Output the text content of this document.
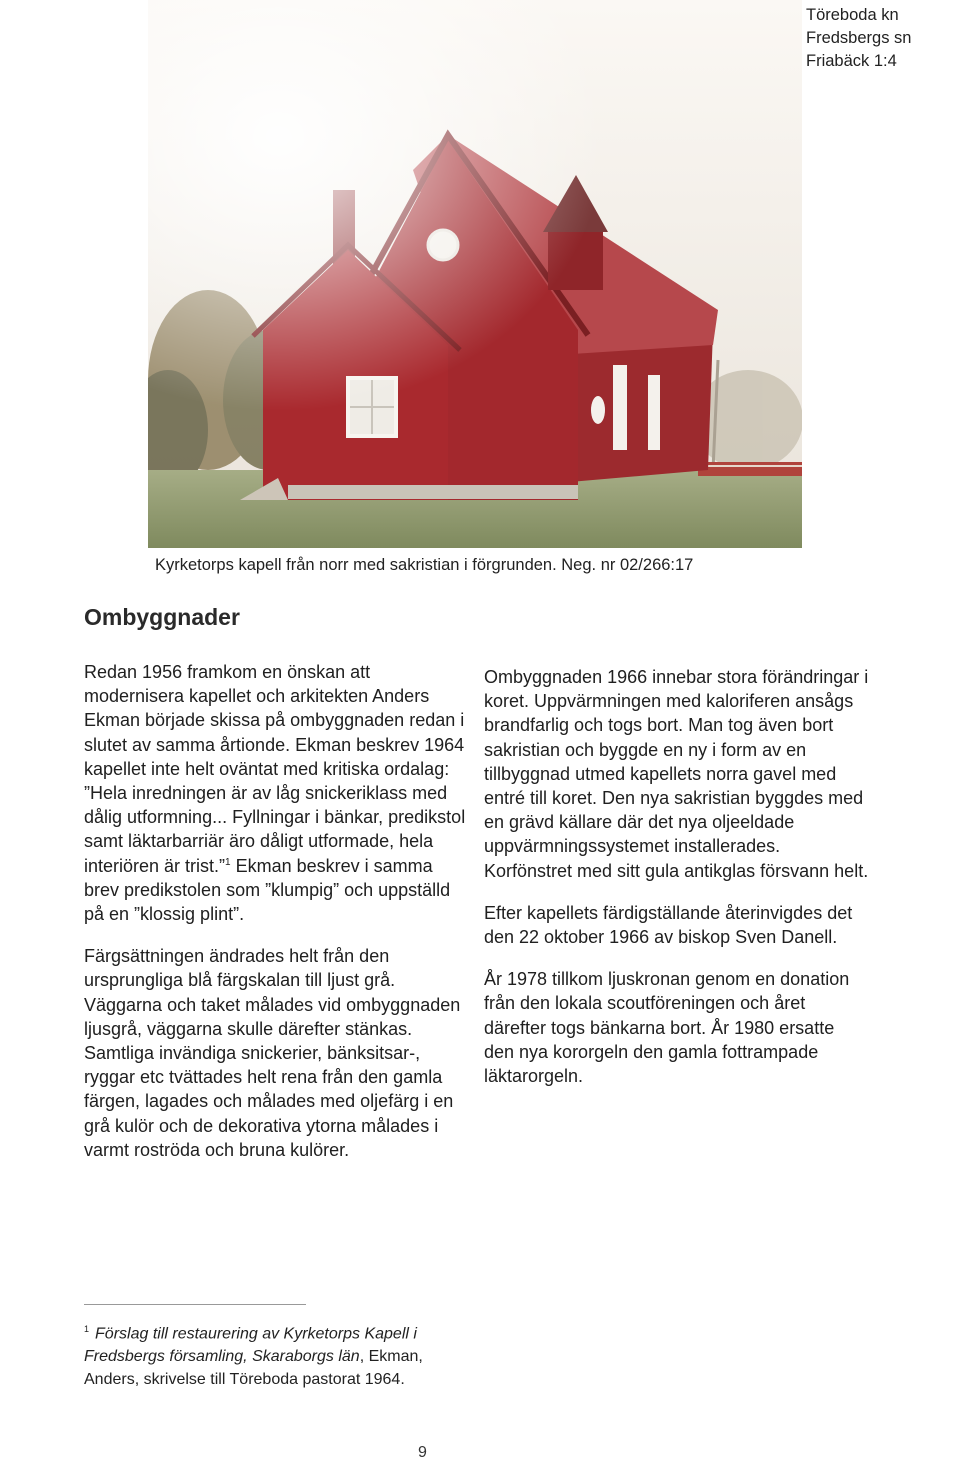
Töreboda kn
Fredsbergs sn
Friabäck 1:4
Kyrketorps kapell från norr med sakristian i förgrunden. Neg. nr 02/266:17
Ombyggnader

Redan 1956 framkom en önskan att modernisera kapellet och arkitekten Anders Ekman började skissa på ombyggnaden redan i slutet av samma årtionde. Ekman beskrev 1964 kapellet inte helt oväntat med kritiska ordalag: ”Hela inredningen är av låg snickeriklass med dålig utformning... Fyllningar i bänkar, predikstol samt läktarbarriär äro dåligt utformade, hela interiören är trist.”$^1$ Ekman beskrev i samma brev predikstolen som ”klumpig” och uppställd på en ”klossig plint”.

Färgsättningen ändrades helt från den ursprungliga blå färgskalan till ljust grå. Väggarna och taket målades vid ombyggnaden ljusgrå, väggarna skulle därefter stänkas. Samtliga invändiga snickerier, bänksitsar-, ryggar etc tvättades helt rena från den gamla färgen, lagades och målades med oljefärg i en grå kulör och de dekorativa ytorna målades i varmt roströda och bruna kulörer.

Ombyggnaden 1966 innebar stora förändringar i koret. Uppvärmningen med kaloriferen ansågs brandfarlig och togs bort. Man tog även bort sakristian och byggde en ny i form av en tillbyggnad utmed kapellets norra gavel med entré till koret. Den nya sakristian byggdes med en grävd källare där det nya oljeeldade uppvärmningssystemet installerades. Korfönstret med sitt gula antikglas försvann helt.

Efter kapellets färdigställande återinvigdes det den 22 oktober 1966 av biskop Sven Danell.

År 1978 tillkom ljuskronan genom en donation från den lokala scoutföreningen och året därefter togs bänkarna bort. År 1980 ersatte den nya kororgeln den gamla fottrampade läktarorgeln.

$^1$ Förslag till restaurering av Kyrketorps Kapell i Fredsbergs församling, Skaraborgs län, Ekman, Anders, skrivelse till Töreboda pastorat 1964.
9
